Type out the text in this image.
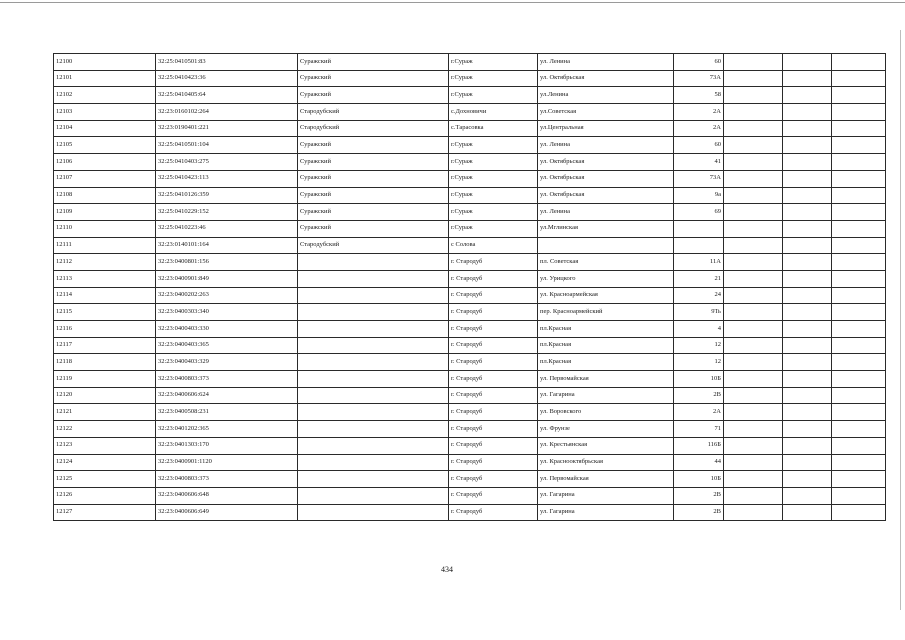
12100	32:25:0410501:83	Суражский	г.Сураж	ул. Ленина	60			
12101	32:25:0410423:36	Суражский	г.Сураж	ул. Октябрьская	73А			
12102	32:25:0410405:64	Суражский	г.Сураж	ул.Ленина	58			
12103	32:23:0160102:264	Стародубский	с.Дохновичи	ул.Советская	2А			
12104	32:23:0190401:221	Стародубский	с.Тарасовка	ул.Центральная	2А			
12105	32:25:0410501:104	Суражский	г.Сураж	ул. Ленина	60			
12106	32:25:0410403:275	Суражский	г.Сураж	ул. Октябрьская	41			
12107	32:25:0410423:113	Суражский	г.Сураж	ул. Октябрьская	73А			
12108	32:25:0410126:359	Суражский	г.Сураж	ул. Октябрьская	9а			
12109	32:25:0410229:152	Суражский	г.Сураж	ул. Ленина	69			
12110	32:25:0410223:46	Суражский	г.Сураж	ул.Мглинская				
12111	32:23:0140101:164	Стародубский	с Солова					
12112	32:23:0400801:156		г. Стародуб	пл. Советская	11А			
12113	32:23:0400901:849		г. Стародуб	ул. Урицкого	21			
12114	32:23:0400202:263		г. Стародуб	ул. Красноармейская	24			
12115	32:23:0400303:340		г. Стародуб	пер. Красноармейский	9Ть			
12116	32:23:0400403:330		г. Стародуб	пл.Красная	4			
12117	32:23:0400403:365		г. Стародуб	пл.Красная	12			
12118	32:23:0400403:329		г. Стародуб	пл.Красная	12			
12119	32:23:0400803:373		г. Стародуб	ул. Первомайская	10Б			
12120	32:23:0400606:624		г. Стародуб	ул. Гагарина	2В			
12121	32:23:0400508:231		г. Стародуб	ул. Воровского	2А			
12122	32:23:0401202:365		г. Стародуб	ул. Фрунзе	71			
12123	32:23:0401303:170		г. Стародуб	ул. Крестьянская	116Б			
12124	32:23:0400901:1120		г. Стародуб	ул. Краснооктябрьская	44			
12125	32:23:0400803:373		г. Стародуб	ул. Первомайская	10Б			
12126	32:23:0400606:648		г. Стародуб	ул. Гагарина	2В			
12127	32:23:0400606:649		г. Стародуб	ул. Гагарина	2В			
434
